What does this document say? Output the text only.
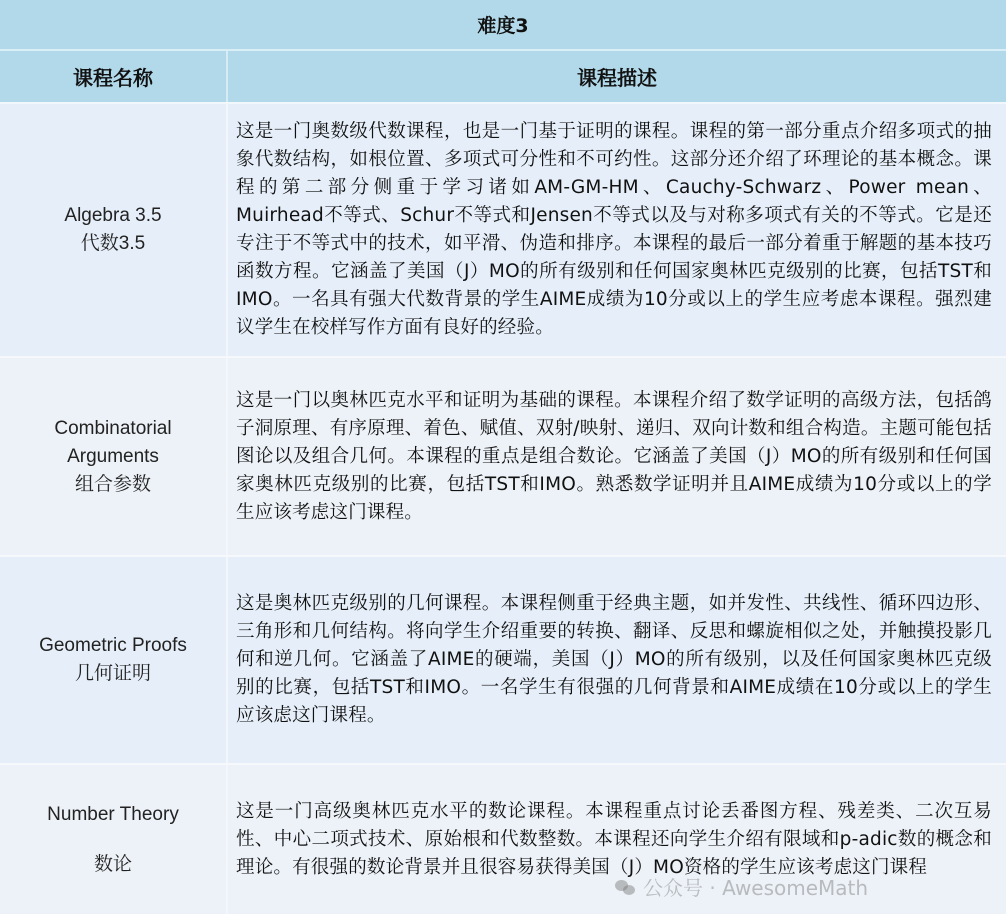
难度3
课程名称	课程描述
Algebra 3.5
代数3.5

这是一门奥数级代数课程，也是一门基于证明的课程。课程的第一部分重点介绍多项式的抽象代数结构，如根位置、多项式可分性和不可约性。这部分还介绍了环理论的基本概念。课程的第二部分侧重于学习诸如AM-GM-HM、Cauchy-Schwarz、Power mean、Muirhead不等式、Schur不等式和Jensen不等式以及与对称多项式有关的不等式。它是还专注于不等式中的技术，如平滑、伪造和排序。本课程的最后一部分着重于解题的基本技巧函数方程。它涵盖了美国（J）MO的所有级别和任何国家奥林匹克级别的比赛，包括TST和IMO。一名具有强大代数背景的学生AIME成绩为10分或以上的学生应考虑本课程。强烈建议学生在校样写作方面有良好的经验。

Combinatorial Arguments
组合参数

这是一门以奥林匹克水平和证明为基础的课程。本课程介绍了数学证明的高级方法，包括鸽子洞原理、有序原理、着色、赋值、双射/映射、递归、双向计数和组合构造。主题可能包括图论以及组合几何。本课程的重点是组合数论。它涵盖了美国（J）MO的所有级别和任何国家奥林匹克级别的比赛，包括TST和IMO。熟悉数学证明并且AIME成绩为10分或以上的学生应该考虑这门课程。

Geometric Proofs
几何证明

这是奥林匹克级别的几何课程。本课程侧重于经典主题，如并发性、共线性、循环四边形、三角形和几何结构。将向学生介绍重要的转换、翻译、反思和螺旋相似之处，并触摸投影几何和逆几何。它涵盖了AIME的硬端，美国（J）MO的所有级别，以及任何国家奥林匹克级别的比赛，包括TST和IMO。一名学生有很强的几何背景和AIME成绩在10分或以上的学生应该虑这门课程。

Number Theory
数论

这是一门高级奥林匹克水平的数论课程。本课程重点讨论丢番图方程、残差类、二次互易性、中心二项式技术、原始根和代数整数。本课程还向学生介绍有限域和p-adic数的概念和理论。有很强的数论背景并且很容易获得美国（J）MO资格的学生应该考虑这门课程

公众号 · AwesomeMath
